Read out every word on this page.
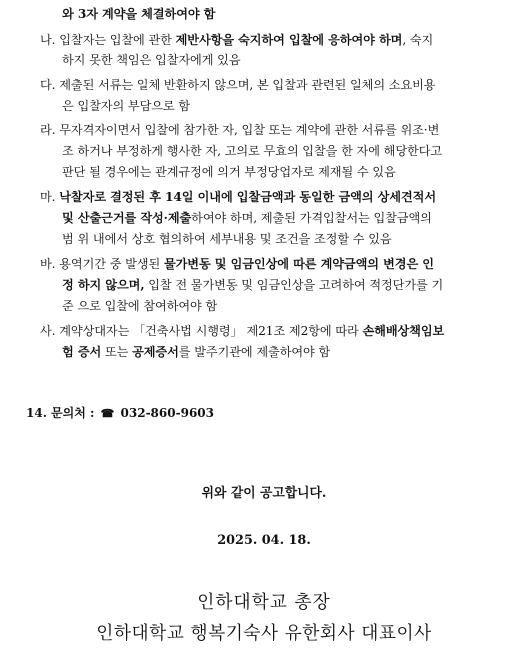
와 3자 계약을 체결하여야 함
나. 입찰자는 입찰에 관한 제반사항을 숙지하여 입찰에 응하여야 하며, 숙지
하지 못한 책임은 입찰자에게 있음
다. 제출된 서류는 일체 반환하지 않으며, 본 입찰과 관련된 일체의 소요비용
은 입찰자의 부담으로 함
라. 무자격자이면서 입찰에 참가한 자, 입찰 또는 계약에 관한 서류를 위조·변
조 하거나 부정하게 행사한 자, 고의로 무효의 입찰을 한 자에 해당한다고
판단 될 경우에는 관계규정에 의거 부정당업자로 제재될 수 있음
마. 낙찰자로 결정된 후 14일 이내에 입찰금액과 동일한 금액의 상세견적서
및 산출근거를 작성·제출하여야 하며, 제출된 가격입찰서는 입찰금액의
범 위 내에서 상호 협의하여 세부내용 및 조건을 조정할 수 있음
바. 용역기간 중 발생된 물가변동 및 임금인상에 따른 계약금액의 변경은 인
정 하지 않으며, 입찰 전 물가변동 및 임금인상을 고려하여 적정단가를 기
준 으로 입찰에 참여하여야 함
사. 계약상대자는 「건축사법 시행령」 제21조 제2항에 따라 손해배상책임보
험 증서 또는 공제증서를 발주기관에 제출하여야 함
14. 문의처 : ☎ 032-860-9603
위와 같이 공고합니다.
2025. 04. 18.
인하대학교 총장
인하대학교 행복기숙사 유한회사 대표이사
